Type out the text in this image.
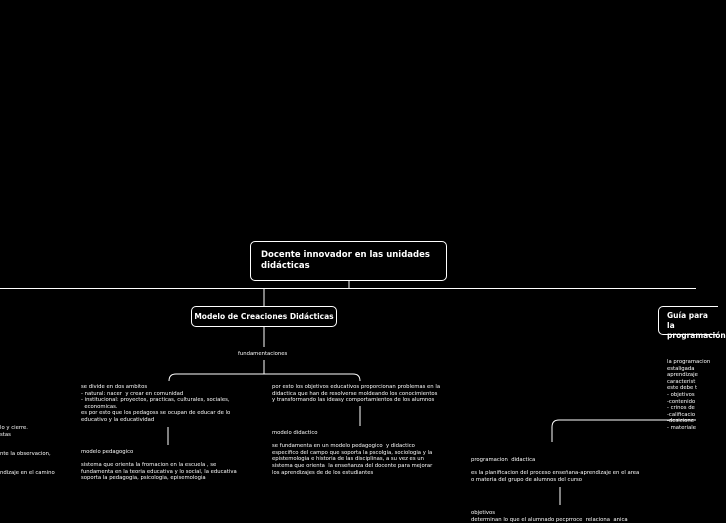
Docente innovador en las unidades didácticas
Modelo de Creaciones Didácticas	Guía para la programación
fundamentaciones
se divide en dos ambitos
- natural: nacer  y crear en comunidad
- institucional: proyectos, practicas, culturales, sociales,
economicas.
es por esto que los pedagoss se ocupan de educar de lo
educativo y la educatividad
por esto los objetivos educativos proporcionan problemas en la
didactica que han de resolverse moldeando los conocimientos
y transformando las ideasy comportamientos de los alumnos
modelo pedagogico

sistema que orienta la fromacion en la escuela , se
fundamenta en la teoria educativa y lo social, la educativa
soporta la pedagogia, psicologia, episemologia
modelo didactico

se fundamenta en un modelo pedagogico  y didactico
especifico del campo que soporta la pscolgia, sociologia y la
epistemologia e historia de las disciplinas, a su vez es un
sistema que orienta  la enseñanza del docente para mejorar
los aprendizajes de de los estudiantes
la programacion
estaligada
aprendizaje
caracterist
este debe t
- objetivos
-contenido
- crinos de
-calificacio
-desicione
- materiale
programacion  didactica

es la planificacion del proceso enseñana-aprendizaje en el area
o materia del grupo de alumnos del curso
objetivos
determinan lo que el alumnado pecprroce  relaciona  anica
lo y cierre.
stas
nte la observacion,
ndizaje en el camino
